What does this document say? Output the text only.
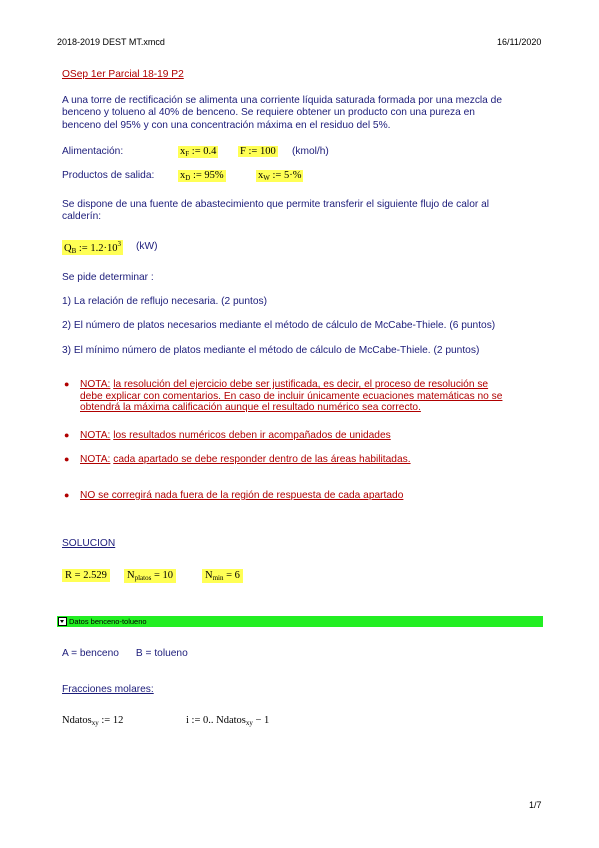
2018-2019 DEST MT.xmcd	16/11/2020
OSep 1er Parcial 18-19 P2
A una torre de rectificación se alimenta una corriente líquida saturada formada por una mezcla de benceno y tolueno al 40% de benceno. Se requiere obtener un producto con una pureza en benceno del 95% y con una concentración máxima en el residuo del 5%.
Alimentación:	$x_F$ := 0.4 F := 100 (kmol/h)
Productos de salida: $x_D$ := 95%	$x_W$ := 5·%
Se dispone de una fuente de abastecimiento que permite transferir el siguiente flujo de calor al calderín:
$Q_B$ := $1.2\cdot 10^3$ (kW)
Se pide determinar :
1) La relación de reflujo necesaria. (2 puntos)
2) El número de platos necesarios mediante el método de cálculo de McCabe-Thiele. (6 puntos)
3) El mínimo número de platos mediante el método de cálculo de McCabe-Thiele. (2 puntos)
● NOTA: la resolución del ejercicio debe ser justificada, es decir, el proceso de resolución se debe explicar con comentarios. En caso de incluir únicamente ecuaciones matemáticas no se obtendrá la máxima calificación aunque el resultado numérico sea correcto.
● NOTA: los resultados numéricos deben ir acompañados de unidades
● NOTA: cada apartado se debe responder dentro de las áreas habilitadas.
● NO se corregirá nada fuera de la región de respuesta de cada apartado
SOLUCION
R = 2.529 $N_{platos} = 10$	$N_{min} = 6$
Datos benceno-tolueno
A = benceno      B = tolueno
Fracciones molares:
Ndatos$_{xy}$ := 12	i := 0.. Ndatos$_{xy}$ − 1
1/7
